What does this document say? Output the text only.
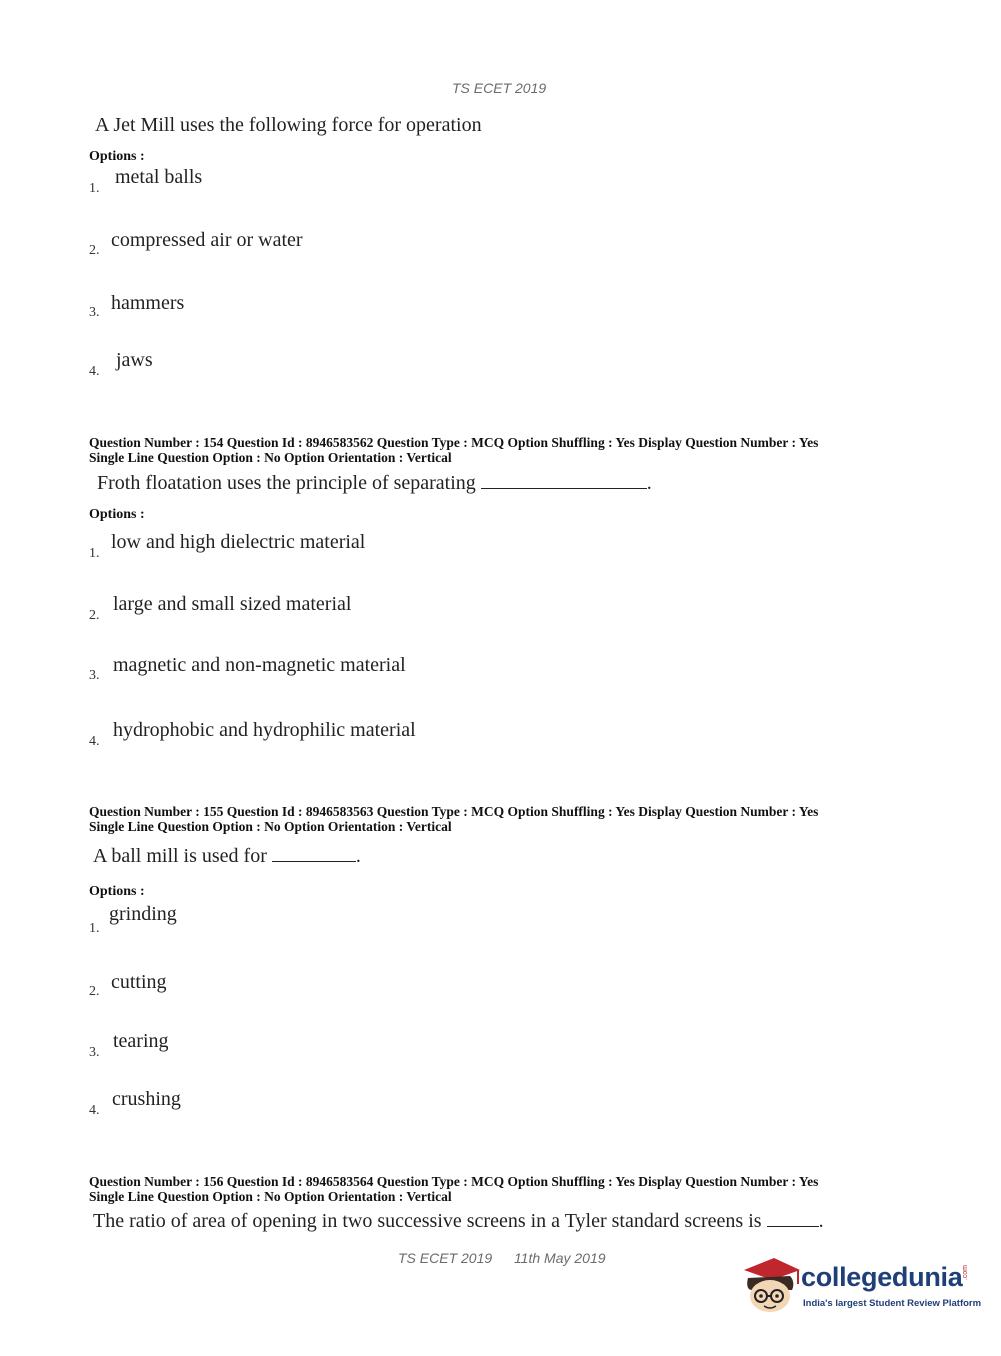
TS ECET 2019
A Jet Mill uses the following force for operation
Options :
1.
metal balls
2. compressed air or water
3. hammers
4.
jaws
Question Number : 154 Question Id : 8946583562 Question Type : MCQ Option Shuffling : Yes Display Question Number : Yes
Single Line Question Option : No Option Orientation : Vertical
Froth floatation uses the principle of separating	.
Options :
1.
low and high dielectric material
2.
large and small sized material
3. magnetic and non-magnetic material
4.
hydrophobic and hydrophilic material
Question Number : 155 Question Id : 8946583563 Question Type : MCQ Option Shuffling : Yes Display Question Number : Yes
Single Line Question Option : No Option Orientation : Vertical
A ball mill is used for	.
Options :
1.
grinding
2. cutting
3.
tearing
4.
crushing
Question Number : 156 Question Id : 8946583564 Question Type : MCQ Option Shuffling : Yes Display Question Number : Yes
Single Line Question Option : No Option Orientation : Vertical
The ratio of area of opening in two successive screens in a Tyler standard screens is	.
TS ECET 2019 11th May 2019
collegedunia .com
India's largest Student Review Platform
